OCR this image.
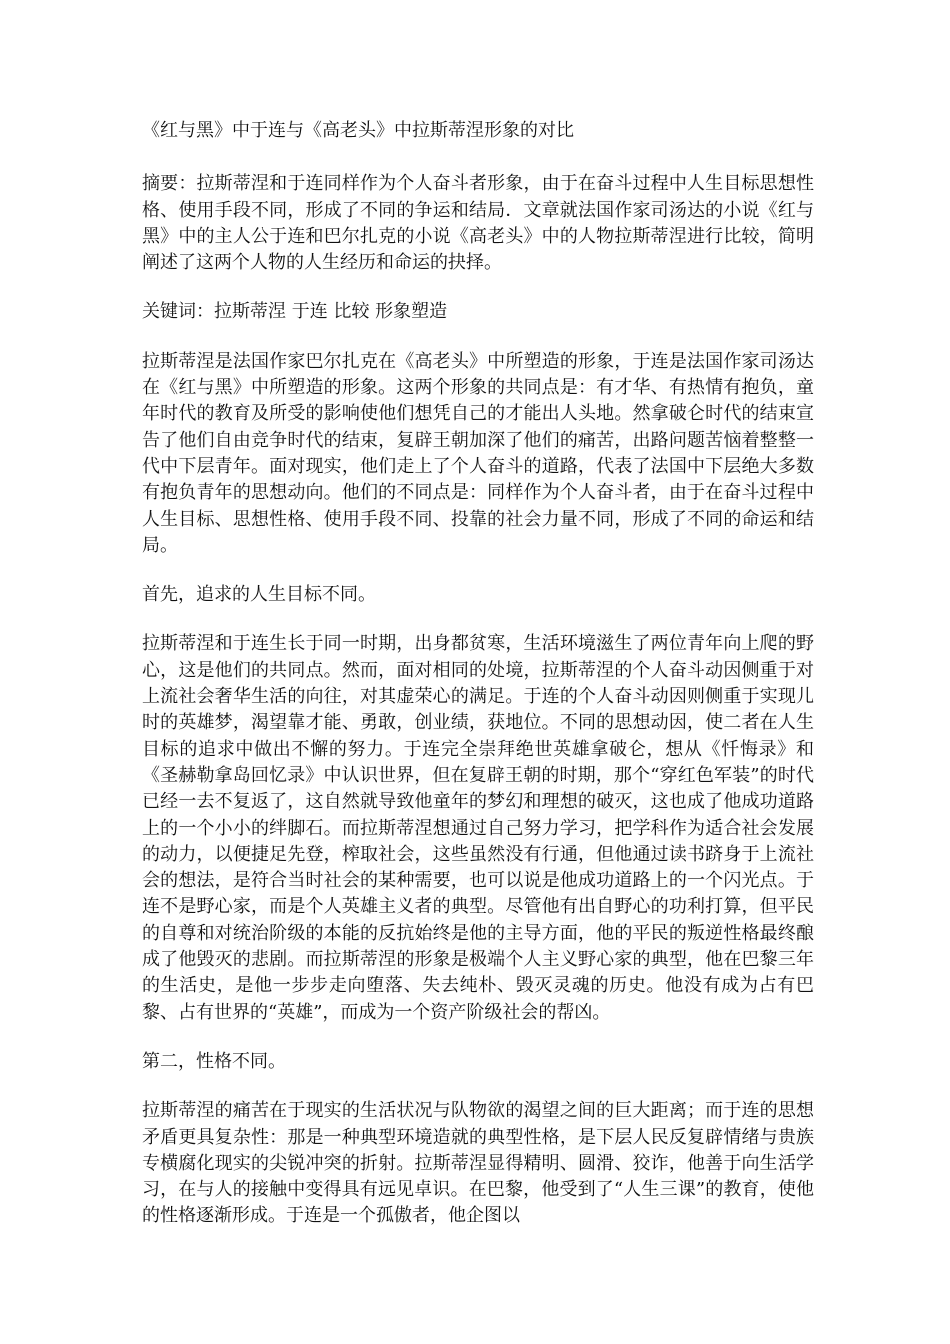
《红与黑》中于连与《高老头》中拉斯蒂涅形象的对比

摘要：拉斯蒂涅和于连同样作为个人奋斗者形象，由于在奋斗过程中人生目标思想性格、使用手段不同，形成了不同的争运和结局．文章就法国作家司汤达的小说《红与黑》中的主人公于连和巴尔扎克的小说《高老头》中的人物拉斯蒂涅进行比较，简明阐述了这两个人物的人生经历和命运的抉择。

关键词：拉斯蒂涅 于连 比较 形象塑造

拉斯蒂涅是法国作家巴尔扎克在《高老头》中所塑造的形象，于连是法国作家司汤达在《红与黑》中所塑造的形象。这两个形象的共同点是：有才华、有热情有抱负，童年时代的教育及所受的影响使他们想凭自己的才能出人头地。然拿破仑时代的结束宣告了他们自由竞争时代的结束，复辟王朝加深了他们的痛苦，出路问题苦恼着整整一代中下层青年。面对现实，他们走上了个人奋斗的道路，代表了法国中下层绝大多数有抱负青年的思想动向。他们的不同点是：同样作为个人奋斗者，由于在奋斗过程中人生目标、思想性格、使用手段不同、投靠的社会力量不同，形成了不同的命运和结局。

首先，追求的人生目标不同。

拉斯蒂涅和于连生长于同一时期，出身都贫寒，生活环境滋生了两位青年向上爬的野心，这是他们的共同点。然而，面对相同的处境，拉斯蒂涅的个人奋斗动因侧重于对上流社会奢华生活的向往，对其虚荣心的满足。于连的个人奋斗动因则侧重于实现儿时的英雄梦，渴望靠才能、勇敢，创业绩，获地位。不同的思想动因，使二者在人生目标的追求中做出不懈的努力。于连完全崇拜绝世英雄拿破仑，想从《忏悔录》和《圣赫勒拿岛回忆录》中认识世界，但在复辟王朝的时期，那个“穿红色军装”的时代已经一去不复返了，这自然就导致他童年的梦幻和理想的破灭，这也成了他成功道路上的一个小小的绊脚石。而拉斯蒂涅想通过自己努力学习，把学科作为适合社会发展的动力，以便捷足先登，榨取社会，这些虽然没有行通，但他通过读书跻身于上流社会的想法，是符合当时社会的某种需要，也可以说是他成功道路上的一个闪光点。于连不是野心家，而是个人英雄主义者的典型。尽管他有出自野心的功利打算，但平民的自尊和对统治阶级的本能的反抗始终是他的主导方面，他的平民的叛逆性格最终酿成了他毁灭的悲剧。而拉斯蒂涅的形象是极端个人主义野心家的典型，他在巴黎三年的生活史，是他一步步走向堕落、失去纯朴、毁灭灵魂的历史。他没有成为占有巴黎、占有世界的“英雄”，而成为一个资产阶级社会的帮凶。

第二，性格不同。

拉斯蒂涅的痛苦在于现实的生活状况与队物欲的渴望之间的巨大距离；而于连的思想矛盾更具复杂性：那是一种典型环境造就的典型性格，是下层人民反复辟情绪与贵族专横腐化现实的尖锐冲突的折射。拉斯蒂涅显得精明、圆滑、狡诈，他善于向生活学习，在与人的接触中变得具有远见卓识。在巴黎，他受到了“人生三课”的教育，使他的性格逐渐形成。于连是一个孤傲者，他企图以
